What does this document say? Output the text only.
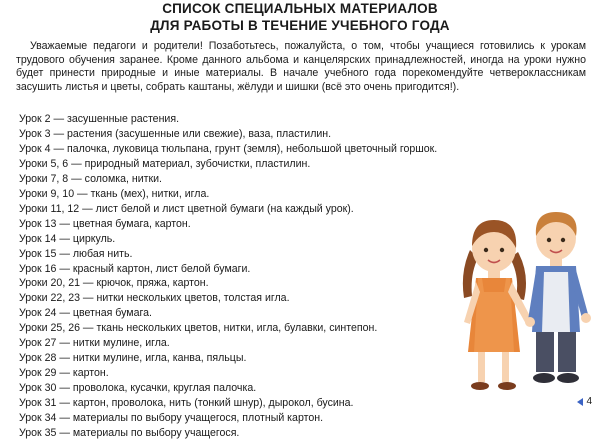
СПИСОК СПЕЦИАЛЬНЫХ МАТЕРИАЛОВ
ДЛЯ РАБОТЫ В ТЕЧЕНИЕ УЧЕБНОГО ГОДА
Уважаемые педагоги и родители! Позаботьтесь, пожалуйста, о том, чтобы учащиеся готовились к урокам трудового обучения заранее. Кроме данного альбома и канцелярских принадлежностей, иногда на уроки нужно будет принести природные и иные материалы. В начале учебного года порекомендуйте четвероклассникам засушить листья и цветы, собрать каштаны, жёлуди и шишки (всё это очень пригодится!).
Урок 2 — засушенные растения.
Урок 3 — растения (засушенные или свежие), ваза, пластилин.
Урок 4 — палочка, луковица тюльпана, грунт (земля), небольшой цветочный горшок.
Уроки 5, 6 — природный материал, зубочистки, пластилин.
Уроки 7, 8 — соломка, нитки.
Уроки 9, 10 — ткань (мех), нитки, игла.
Уроки 11, 12 — лист белой и лист цветной бумаги (на каждый урок).
Урок 13 — цветная бумага, картон.
Урок 14 — циркуль.
Урок 15 — любая нить.
Урок 16 — красный картон, лист белой бумаги.
Уроки 20, 21 — крючок, пряжа, картон.
Уроки 22, 23 — нитки нескольких цветов, толстая игла.
Урок 24 — цветная бумага.
Уроки 25, 26 — ткань нескольких цветов, нитки, игла, булавки, синтепон.
Урок 27 — нитки мулине, игла.
Урок 28 — нитки мулине, игла, канва, пяльцы.
Урок 29 — картон.
Урок 30 — проволока, кусачки, круглая палочка.
Урок 31 — картон, проволока, нить (тонкий шнур), дырокол, бусина.
Урок 34 — материалы по выбору учащегося, плотный картон.
Урок 35 — материалы по выбору учащегося.
4
